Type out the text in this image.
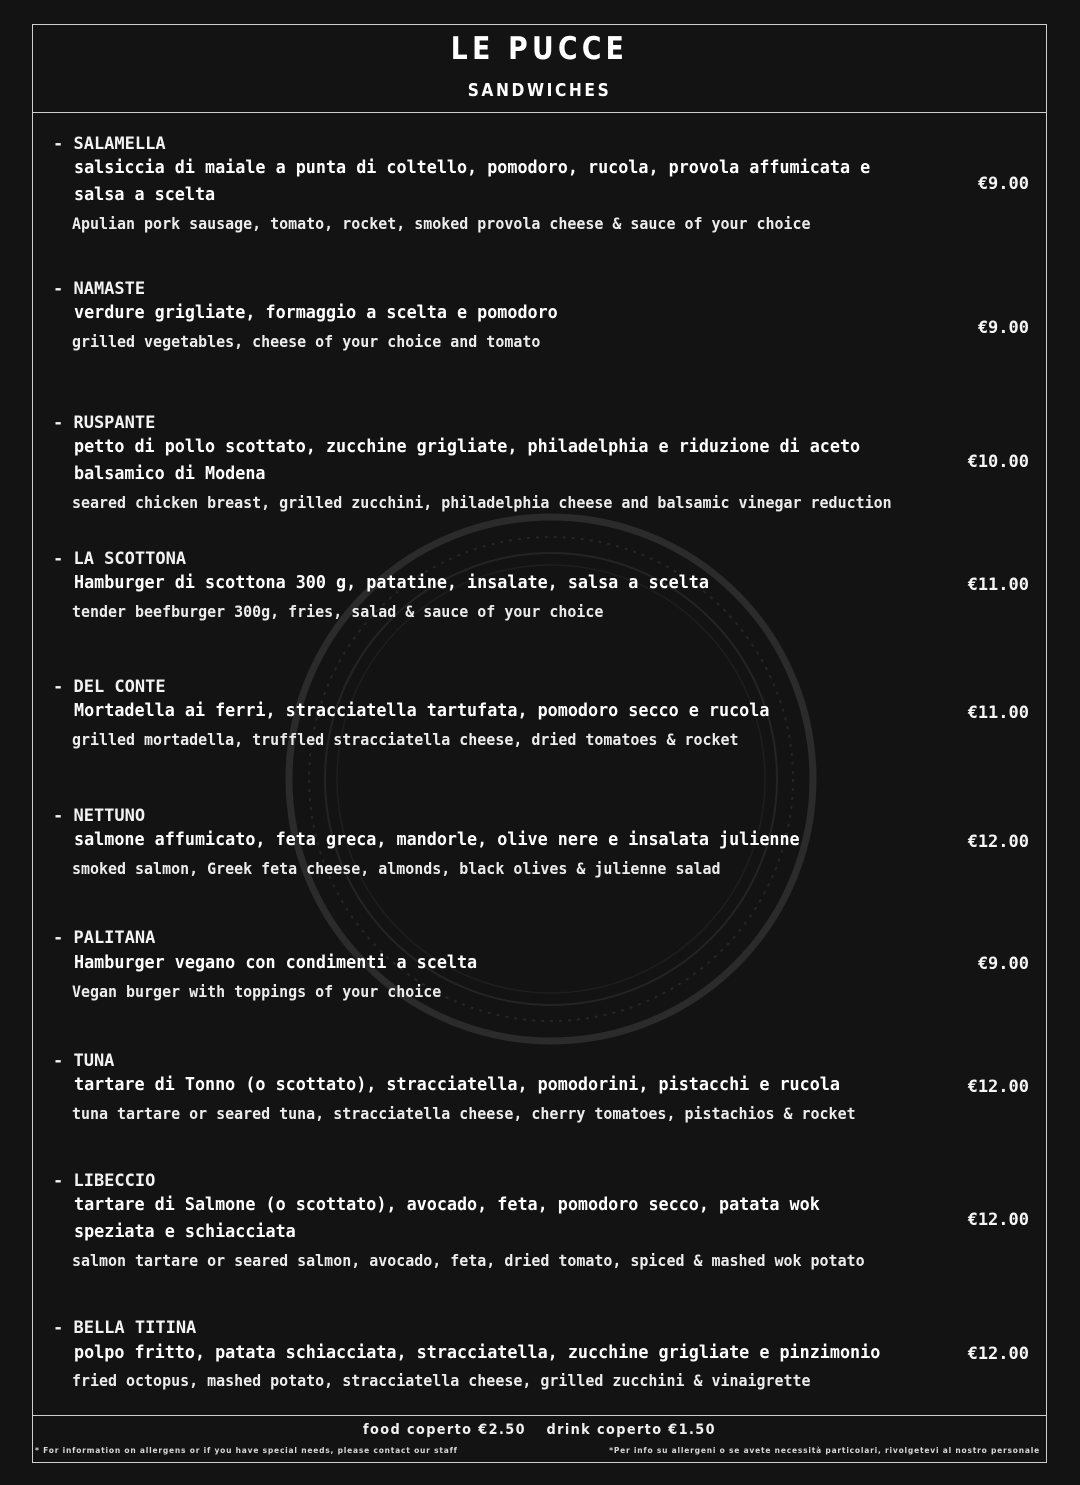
LE PUCCE
SANDWICHES
- SALAMELLA
salsiccia di maiale a punta di coltello, pomodoro, rucola, provola affumicata e salsa a scelta
Apulian pork sausage, tomato, rocket, smoked provola cheese & sauce of your choice
€9.00
- NAMASTE
verdure grigliate, formaggio a scelta e pomodoro
grilled vegetables, cheese of your choice and tomato
€9.00
- RUSPANTE
petto di pollo scottato, zucchine grigliate, philadelphia e riduzione di aceto balsamico di Modena
seared chicken breast, grilled zucchini, philadelphia cheese and balsamic vinegar reduction
€10.00
- LA SCOTTONA
Hamburger di scottona 300 g, patatine, insalate, salsa a scelta
tender beefburger 300g, fries, salad & sauce of your choice
€11.00
- DEL CONTE
Mortadella ai ferri, stracciatella tartufata, pomodoro secco e rucola
grilled mortadella, truffled stracciatella cheese, dried tomatoes & rocket
€11.00
- NETTUNO
salmone affumicato, feta greca, mandorle, olive nere e insalata julienne
smoked salmon, Greek feta cheese, almonds, black olives & julienne salad
€12.00
- PALITANA
Hamburger vegano con condimenti a scelta
Vegan burger with toppings of your choice
€9.00
- TUNA
tartare di Tonno (o scottato), stracciatella, pomodorini, pistacchi e rucola
tuna tartare or seared tuna, stracciatella cheese, cherry tomatoes, pistachios & rocket
€12.00
- LIBECCIO
tartare di Salmone (o scottato), avocado, feta, pomodoro secco, patata wok speziata e schiacciata
salmon tartare or seared salmon, avocado, feta, dried tomato, spiced & mashed wok potato
€12.00
- BELLA TITINA
polpo fritto, patata schiacciata, stracciatella, zucchine grigliate e pinzimonio
fried octopus, mashed potato, stracciatella cheese, grilled zucchini & vinaigrette
€12.00
food coperto €2.50 drink coperto €1.50
* For information on allergens or if you have special needs, please contact our staff	*Per info su allergeni o se avete necessità particolari, rivolgetevi al nostro personale
